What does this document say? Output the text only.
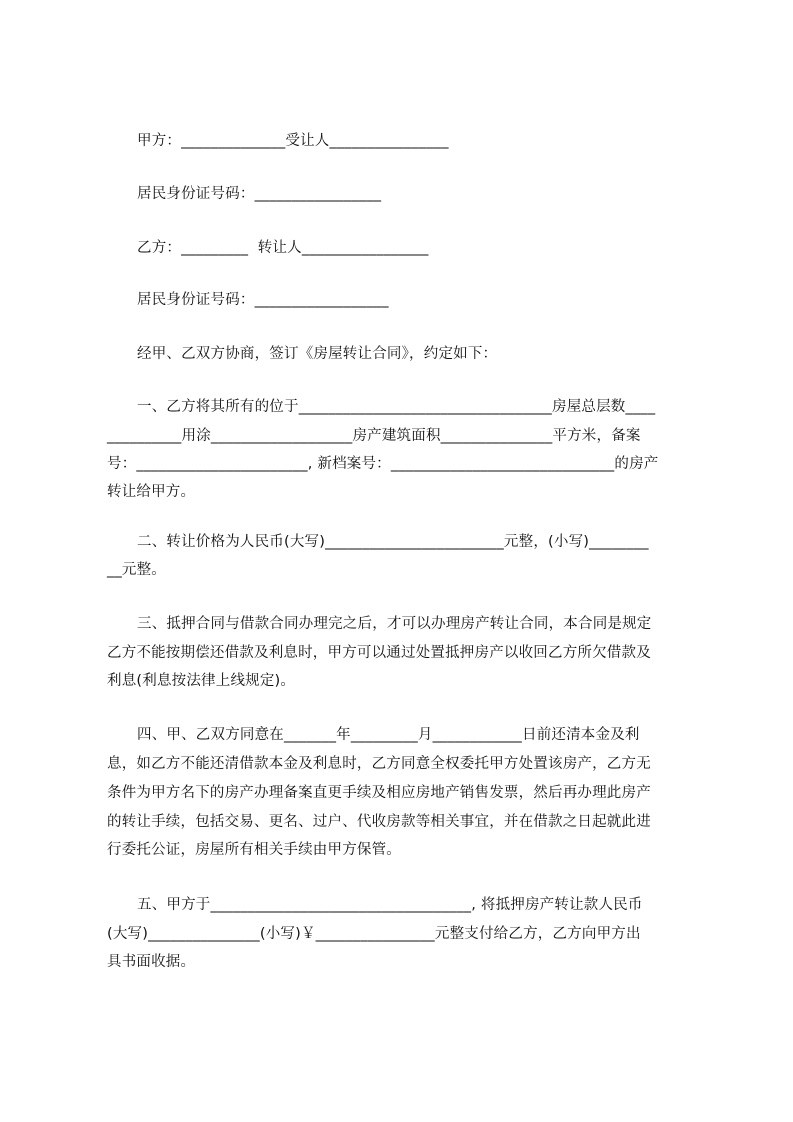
甲方：______________受让人________________
居民身份证号码：_________________
乙方：_________  转让人_________________
居民身份证号码：__________________
经甲、乙双方协商，签订《房屋转让合同》，约定如下：
一、乙方将其所有的位于__________________________________房屋总层数____
__________用涂___________________房产建筑面积_______________平方米，备案
号：_______________________, 新档案号：______________________________的房产
转让给甲方。
二、转让价格为人民币(大写)________________________元整，(小写)________
__元整。
三、抵押合同与借款合同办理完之后，才可以办理房产转让合同，本合同是规定
乙方不能按期偿还借款及利息时，甲方可以通过处置抵押房产以收回乙方所欠借款及
利息(利息按法律上线规定)。
四、甲、乙双方同意在_______年_________月____________日前还清本金及利
息，如乙方不能还清借款本金及利息时，乙方同意全权委托甲方处置该房产，乙方无
条件为甲方名下的房产办理备案直更手续及相应房地产销售发票，然后再办理此房产
的转让手续，包括交易、更名、过户、代收房款等相关事宜，并在借款之日起就此进
行委托公证，房屋所有相关手续由甲方保管。
五、甲方于___________________________________, 将抵押房产转让款人民币
(大写)_______________(小写)￥________________元整支付给乙方，乙方向甲方出
具书面收据。
